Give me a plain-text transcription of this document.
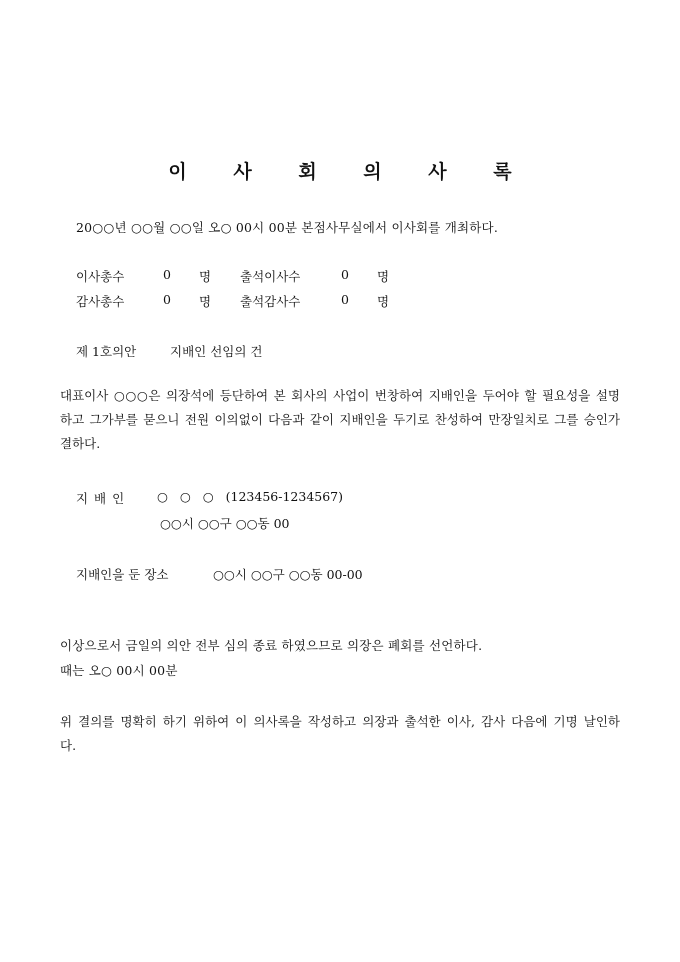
이 사 회 의 사 록
20○○년 ○○월 ○○일 오○ 00시 00분 본점사무실에서 이사회를 개최하다.
이사총수	0 명 출석이사수	0 명
감사총수	0 명 출석감사수	0 명
제 1호의안	지배인 선임의 건
대표이사 ○○○은 의장석에 등단하여 본 회사의 사업이 번창하여 지배인을 두어야 할 필요성을 설명하고 그가부를 묻으니 전원 이의없이 다음과 같이 지배인을 두기로 찬성하여 만장일치로 그를 승인가결하다.
지 배 인	○ ○ ○ (123456-1234567)
○○시 ○○구 ○○동 00
지배인을 둔 장소	○○시 ○○구 ○○동 00-00
이상으로서 금일의 의안 전부 심의 종료 하였으므로 의장은 폐회를 선언하다.
때는 오○ 00시 00분
위 결의를 명확히 하기 위하여 이 의사록을 작성하고 의장과 출석한 이사, 감사 다음에 기명 날인하다.
